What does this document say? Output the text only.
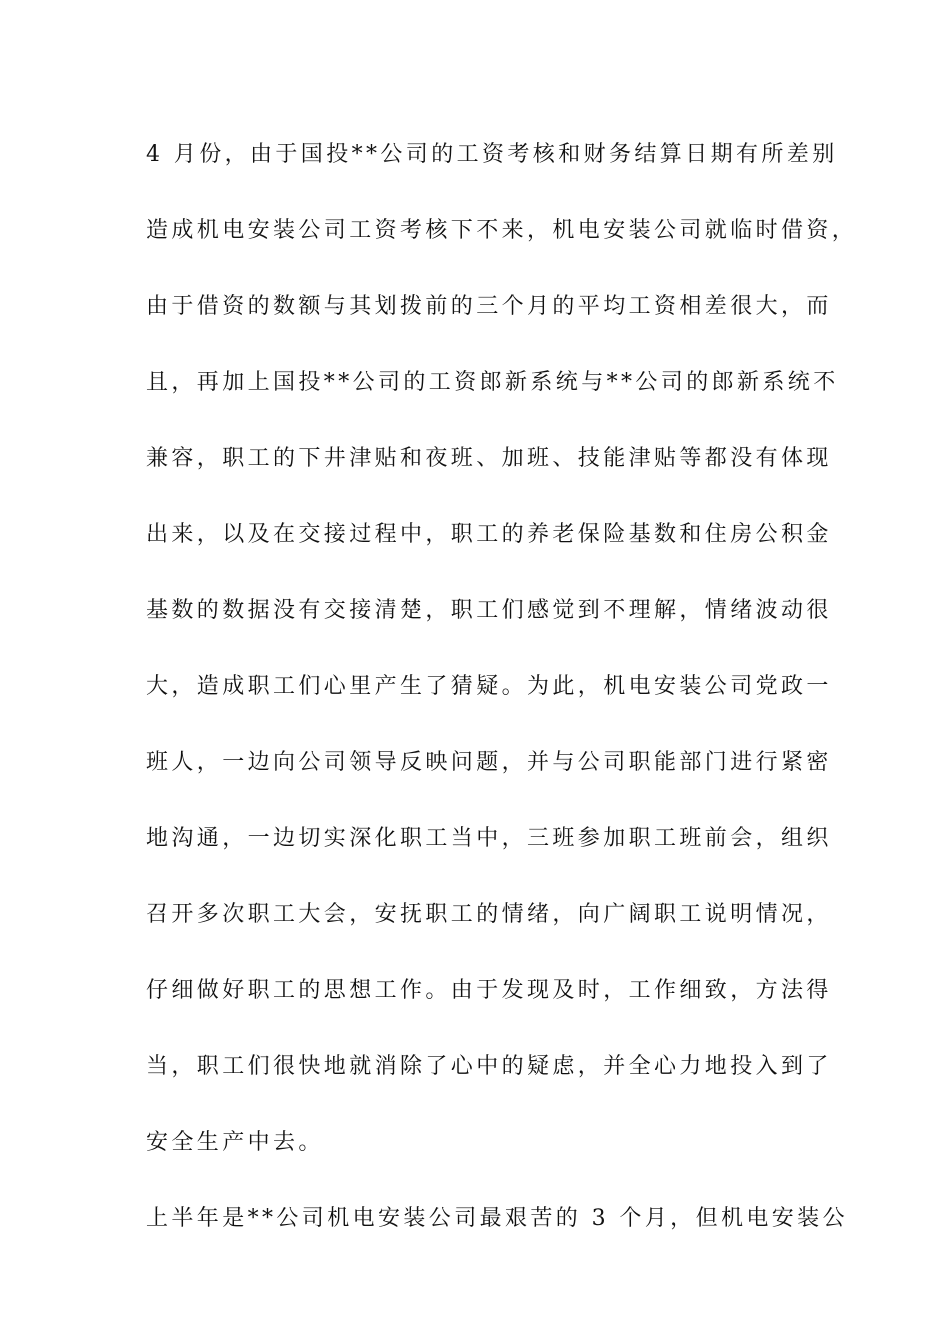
4 月份，由于国投**公司的工资考核和财务结算日期有所差别
造成机电安装公司工资考核下不来，机电安装公司就临时借资，
由于借资的数额与其划拨前的三个月的平均工资相差很大，而
且，再加上国投**公司的工资郎新系统与**公司的郎新系统不
兼容，职工的下井津贴和夜班、加班、技能津贴等都没有体现
出来，以及在交接过程中，职工的养老保险基数和住房公积金
基数的数据没有交接清楚，职工们感觉到不理解，情绪波动很
大，造成职工们心里产生了猜疑。为此，机电安装公司党政一
班人，一边向公司领导反映问题，并与公司职能部门进行紧密
地沟通，一边切实深化职工当中，三班参加职工班前会，组织
召开多次职工大会，安抚职工的情绪，向广阔职工说明情况，
仔细做好职工的思想工作。由于发现及时，工作细致，方法得
当，职工们很快地就消除了心中的疑虑，并全心力地投入到了
安全生产中去。
上半年是**公司机电安装公司最艰苦的 3 个月，但机电安装公
